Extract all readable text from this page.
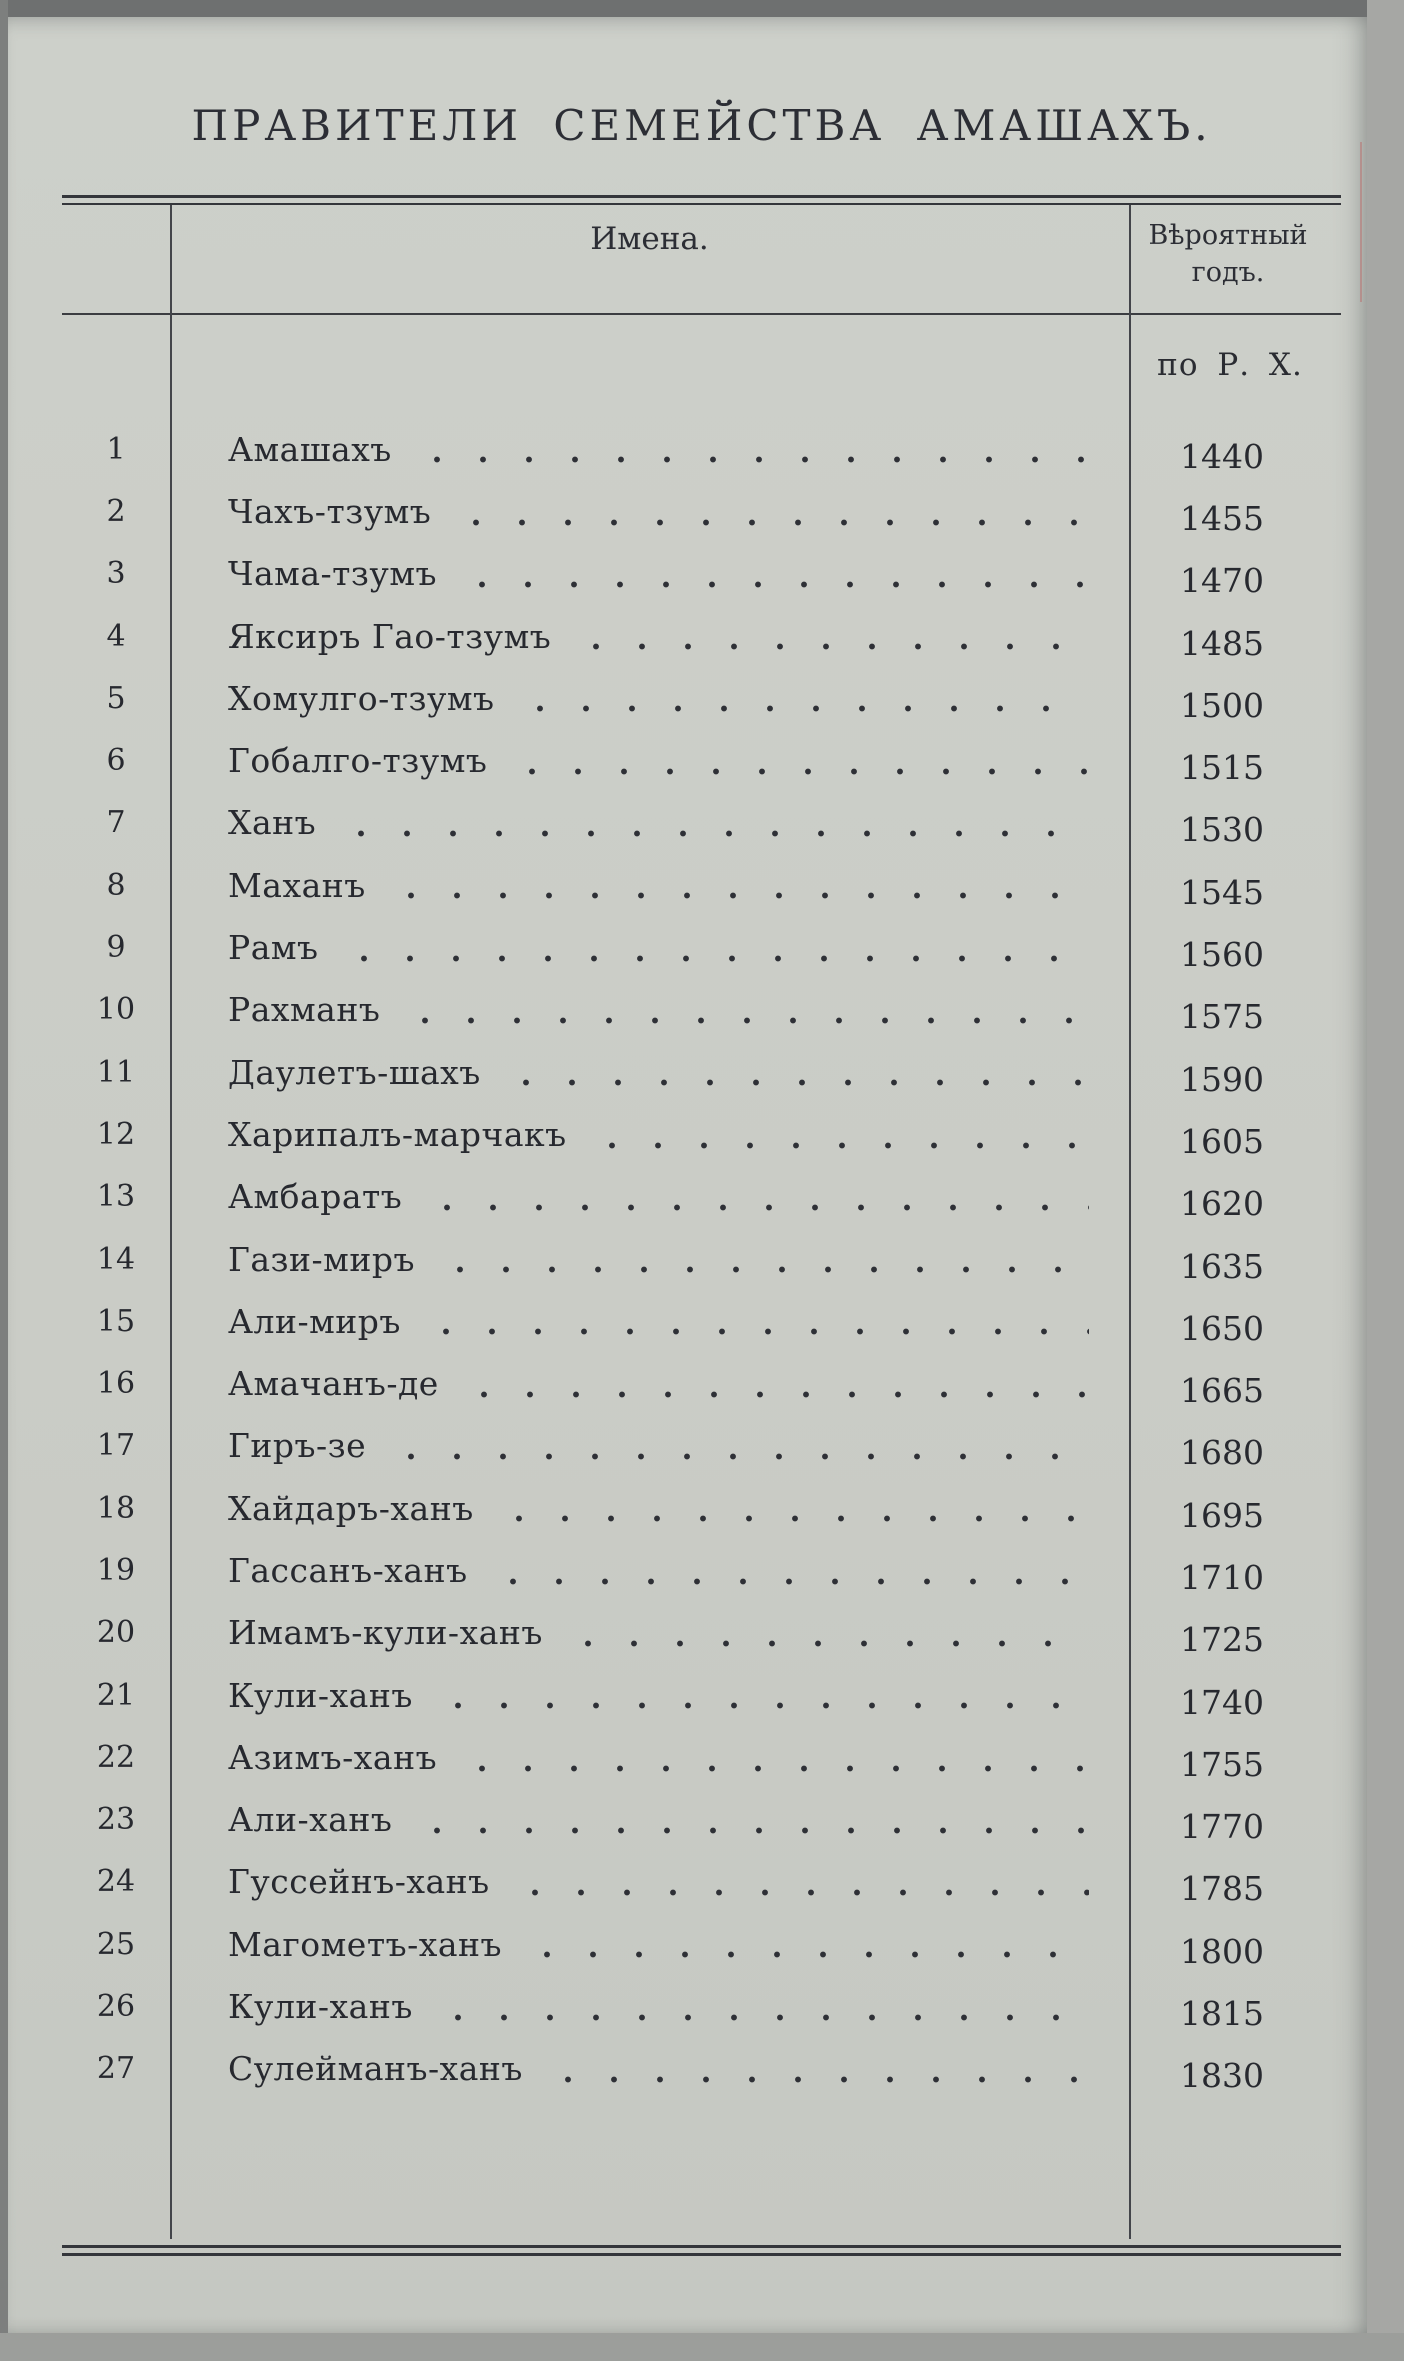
ПРАВИТЕЛИ СЕМЕЙСТВА АМАШАХЪ.
Имена.	Вѣроятный
годъ.
по Р. Х.
1	Амашахъ	1440
2	Чахъ-тзумъ	1455
3	Чама-тзумъ	1470
4	Яксиръ Гао-тзумъ	1485
5	Хомулго-тзумъ	1500
6	Гобалго-тзумъ	1515
7	Ханъ	1530
8	Маханъ	1545
9	Рамъ	1560
10	Рахманъ	1575
11	Даулетъ-шахъ	1590
12	Харипалъ-марчакъ	1605
13	Амбаратъ	1620
14	Гази-миръ	1635
15	Али-миръ	1650
16	Амачанъ-де	1665
17	Гиръ-зе	1680
18	Хайдаръ-ханъ	1695
19	Гассанъ-ханъ	1710
20	Имамъ-кули-ханъ	1725
21	Кули-ханъ	1740
22	Азимъ-ханъ	1755
23	Али-ханъ	1770
24	Гуссейнъ-ханъ	1785
25	Магометъ-ханъ	1800
26	Кули-ханъ	1815
27	Сулейманъ-ханъ	1830
